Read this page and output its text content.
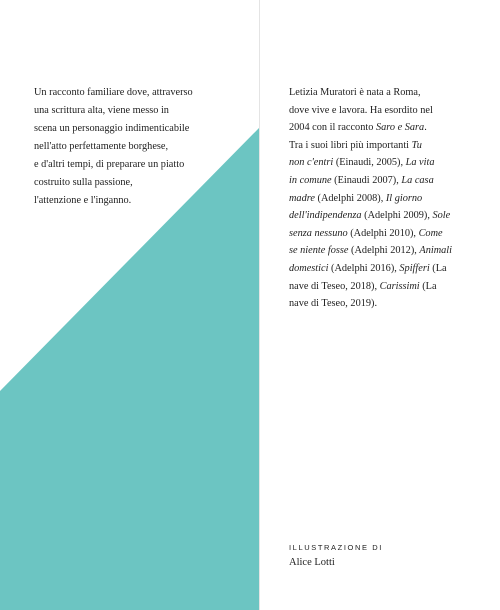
Un racconto familiare dove, attraverso
una scrittura alta, viene messo in
scena un personaggio indimenticabile
nell'atto perfettamente borghese,
e d'altri tempi, di preparare un piatto
costruito sulla passione,
l'attenzione e l'inganno.

Letizia Muratori è nata a Roma,
dove vive e lavora. Ha esordito nel
2004 con il racconto Saro e Sara.
Tra i suoi libri più importanti Tu
non c'entri (Einaudi, 2005), La vita
in comune (Einaudi 2007), La casa
madre (Adelphi 2008), Il giorno
dell'indipendenza (Adelphi 2009), Sole
senza nessuno (Adelphi 2010), Come
se niente fosse (Adelphi 2012), Animali
domestici (Adelphi 2016), Spifferi (La
nave di Teseo, 2018), Carissimi (La
nave di Teseo, 2019).

ILLUSTRAZIONE DI
Alice Lotti
